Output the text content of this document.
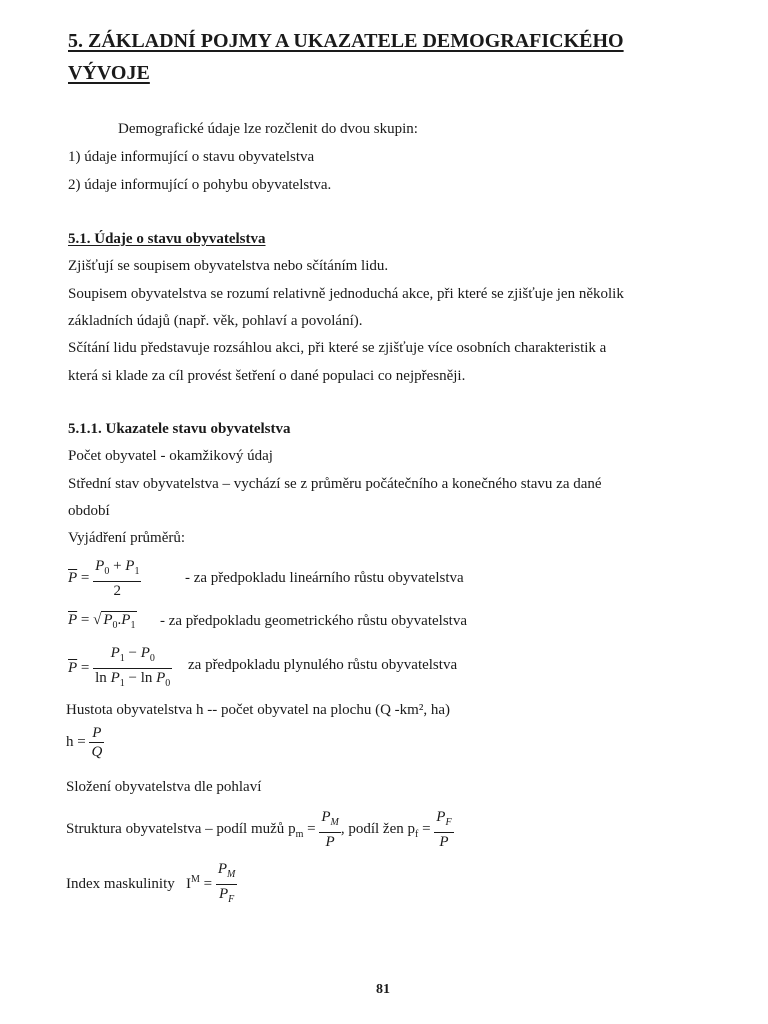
5. ZÁKLADNÍ POJMY A UKAZATELE DEMOGRAFICKÉHO
VÝVOJE
Demografické údaje lze rozčlenit do dvou skupin:
1) údaje informující o stavu obyvatelstva
2) údaje informující o pohybu obyvatelstva.
5.1. Údaje o stavu obyvatelstva
Zjišťují se soupisem obyvatelstva nebo sčítáním lidu.
Soupisem obyvatelstva se rozumí relativně jednoduchá akce, při které se zjišťuje jen několik
základních údajů (např. věk, pohlaví a povolání).
Sčítání lidu představuje rozsáhlou akci, při které se zjišťuje více osobních charakteristik a
která si klade za cíl provést šetření o dané populaci co nejpřesněji.
5.1.1. Ukazatele stavu obyvatelstva
Počet obyvatel - okamžikový údaj
Střední stav obyvatelstva – vychází se z průměru počátečního a konečného stavu za dané
období
Vyjádření průměrů:
$\overline{P} = \frac{P_0 + P_1}{2}$	- za předpokladu lineárního růstu obyvatelstva
$\overline{P}$ = √ $P_0.P_1$ - za předpokladu geometrického růstu obyvatelstva
$\overline{P} = \frac{P_1 - P_0}{\ln P_1 - \ln P_0}$ za předpokladu plynulého růstu obyvatelstva
Hustota obyvatelstva h -- počet obyvatel na plochu (Q -km², ha)
$h = \frac{P}{Q}$
Složení obyvatelstva dle pohlaví
Struktura obyvatelstva – podíl mužů $p_m = \frac{P_M}{P}$ , podíl žen $p_f = \frac{P_F}{P}$
Index maskulinity   $I^M = \frac{P_M}{P_F}$
81
